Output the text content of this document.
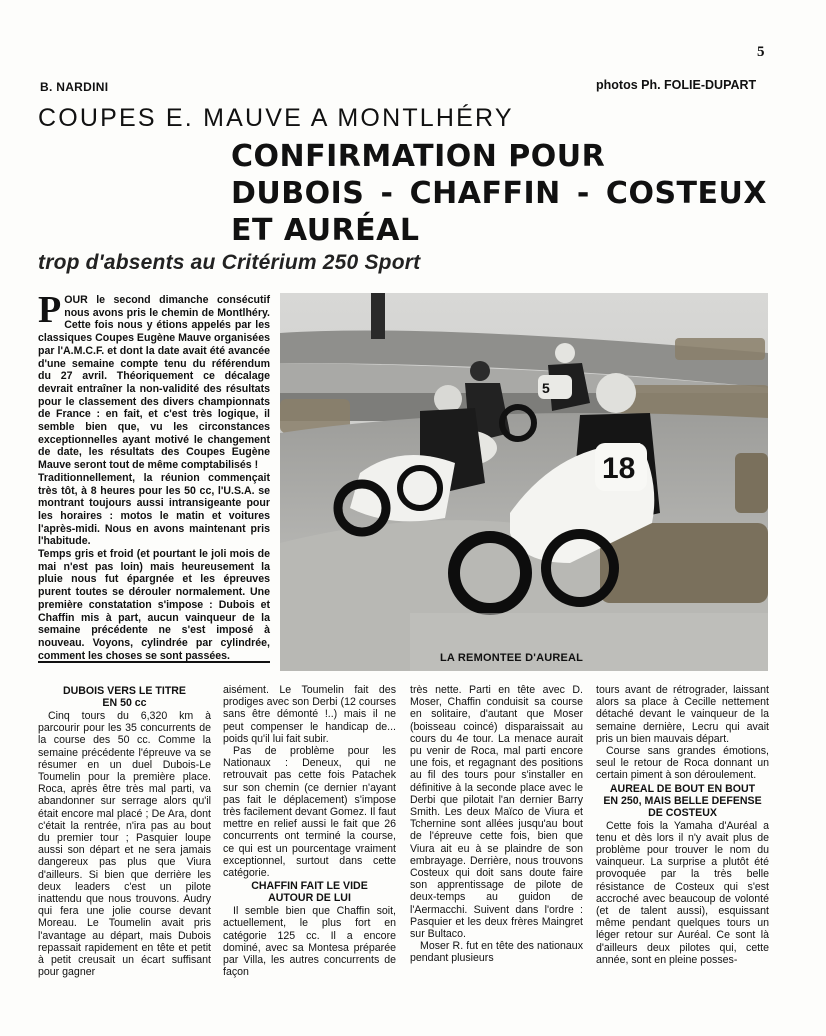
5
B. NARDINI	photos Ph. FOLIE-DUPART
COUPES E. MAUVE A MONTLHÉRY
CONFIRMATION POUR
DUBOIS - CHAFFIN - COSTEUX
ET AURÉAL
trop d'absents au Critérium 250 Sport

POUR le second dimanche consécutif nous avons pris le chemin de Montlhéry. Cette fois nous y étions appelés par les classiques Coupes Eugène Mauve organisées par l'A.M.C.F. et dont la date avait été avancée d'une semaine compte tenu du référendum du 27 avril. Théoriquement ce décalage devrait entraîner la non-validité des résultats pour le classement des divers championnats de France : en fait, et c'est très logique, il semble bien que, vu les circonstances exceptionnelles ayant motivé le changement de date, les résultats des Coupes Eugène Mauve seront tout de même comptabilisés !

Traditionnellement, la réunion commençait très tôt, à 8 heures pour les 50 cc, l'U.S.A. se montrant toujours aussi intransigeante pour les horaires : motos le matin et voitures l'après-midi. Nous en avons maintenant pris l'habitude.

Temps gris et froid (et pourtant le joli mois de mai n'est pas loin) mais heureusement la pluie nous fut épargnée et les épreuves purent toutes se dérouler normalement. Une première constatation s'impose : Dubois et Chaffin mis à part, aucun vainqueur de la semaine précédente ne s'est imposé à nouveau. Voyons, cylindrée par cylindrée, comment les choses se sont passées.

5
18
LA REMONTEE D'AUREAL
DUBOIS VERS LE TITRE
EN 50 cc

Cinq tours du 6,320 km à parcourir pour les 35 concurrents de la course des 50 cc. Comme la semaine précédente l'épreuve va se résumer en un duel Dubois-Le Toumelin pour la première place. Roca, après être très mal parti, va abandonner sur serrage alors qu'il était encore mal placé ; De Ara, dont c'était la rentrée, n'ira pas au bout du premier tour ; Pasquier loupe aussi son départ et ne sera jamais dangereux pas plus que Viura d'ailleurs. Si bien que derrière les deux leaders c'est un pilote inattendu que nous trouvons. Audry qui fera une jolie course devant Moreau. Le Toumelin avait pris l'avantage au départ, mais Dubois repassait rapidement en tête et petit à petit creusait un écart suffisant pour gagner

aisément. Le Toumelin fait des prodiges avec son Derbi (12 courses sans être démonté !..) mais il ne peut compenser le handicap de... poids qu'il lui fait subir.

Pas de problème pour les Nationaux : Deneux, qui ne retrouvait pas cette fois Patachek sur son chemin (ce dernier n'ayant pas fait le déplacement) s'impose très facilement devant Gomez. Il faut mettre en relief aussi le fait que 26 concurrents ont terminé la course, ce qui est un pourcentage vraiment exceptionnel, surtout dans cette catégorie.

CHAFFIN FAIT LE VIDE
AUTOUR DE LUI

Il semble bien que Chaffin soit, actuellement, le plus fort en catégorie 125 cc. Il a encore dominé, avec sa Montesa préparée par Villa, les autres concurrents de façon

très nette. Parti en tête avec D. Moser, Chaffin conduisit sa course en solitaire, d'autant que Moser (boisseau coincé) disparaissait au cours du 4e tour. La menace aurait pu venir de Roca, mal parti encore une fois, et regagnant des positions au fil des tours pour s'installer en définitive à la seconde place avec le Derbi que pilotait l'an dernier Barry Smith. Les deux Maïco de Viura et Tchernine sont allées jusqu'au bout de l'épreuve cette fois, bien que Viura ait eu à se plaindre de son embrayage. Derrière, nous trouvons Costeux qui doit sans doute faire son apprentissage de pilote de deux-temps au guidon de l'Aermacchi. Suivent dans l'ordre : Pasquier et les deux frères Maingret sur Bultaco.

Moser R. fut en tête des nationaux pendant plusieurs

tours avant de rétrograder, laissant alors sa place à Cecille nettement détaché devant le vainqueur de la semaine dernière, Lecru qui avait pris un bien mauvais départ.

Course sans grandes émotions, seul le retour de Roca donnant un certain piment à son déroulement.

AUREAL DE BOUT EN BOUT
EN 250, MAIS BELLE DEFENSE
DE COSTEUX

Cette fois la Yamaha d'Auréal a tenu et dès lors il n'y avait plus de problème pour trouver le nom du vainqueur. La surprise a plutôt été provoquée par la très belle résistance de Costeux qui s'est accroché avec beaucoup de volonté (et de talent aussi), esquissant même pendant quelques tours un léger retour sur Auréal. Ce sont là d'ailleurs deux pilotes qui, cette année, sont en pleine posses-
